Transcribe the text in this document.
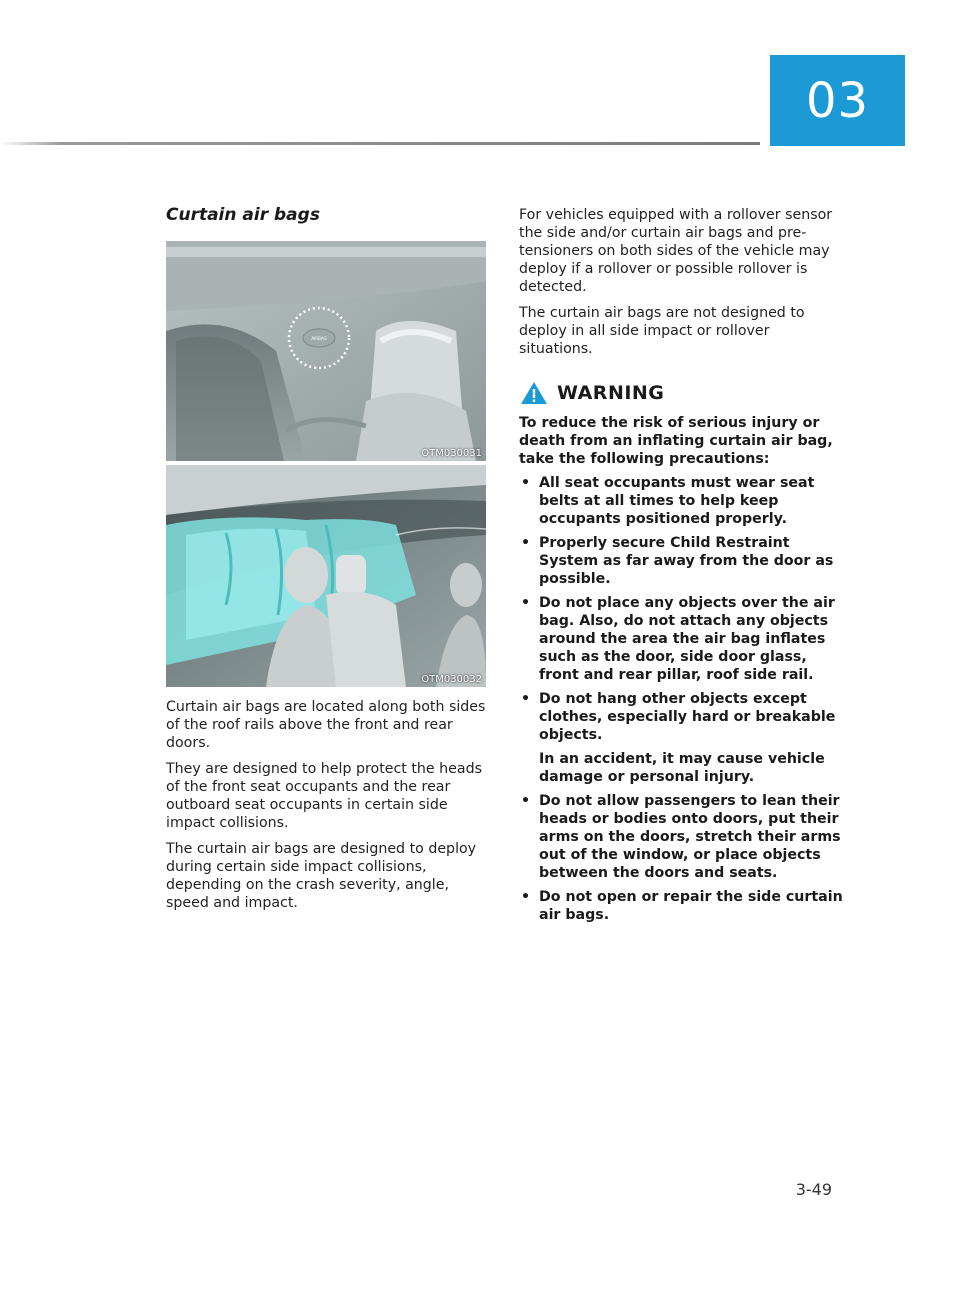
03
Curtain air bags
AIRBAG
OTM030031
OTM030032

Curtain air bags are located along both sides of the roof rails above the front and rear doors.

They are designed to help protect the heads of the front seat occupants and the rear outboard seat occupants in certain side impact collisions.

The curtain air bags are designed to deploy during certain side impact collisions, depending on the crash severity, angle, speed and impact.

For vehicles equipped with a rollover sensor the side and/or curtain air bags and pre-tensioners on both sides of the vehicle may deploy if a rollover or possible rollover is detected.

The curtain air bags are not designed to deploy in all side impact or rollover situations.

WARNING

To reduce the risk of serious injury or death from an inflating curtain air bag, take the following precautions:

• All seat occupants must wear seat belts at all times to help keep occupants positioned properly.
• Properly secure Child Restraint System as far away from the door as possible.
• Do not place any objects over the air bag. Also, do not attach any objects around the area the air bag inflates such as the door, side door glass, front and rear pillar, roof side rail.
• Do not hang other objects except clothes, especially hard or breakable objects.
In an accident, it may cause vehicle damage or personal injury.
• Do not allow passengers to lean their heads or bodies onto doors, put their arms on the doors, stretch their arms out of the window, or place objects between the doors and seats.
• Do not open or repair the side curtain air bags.
3-49
